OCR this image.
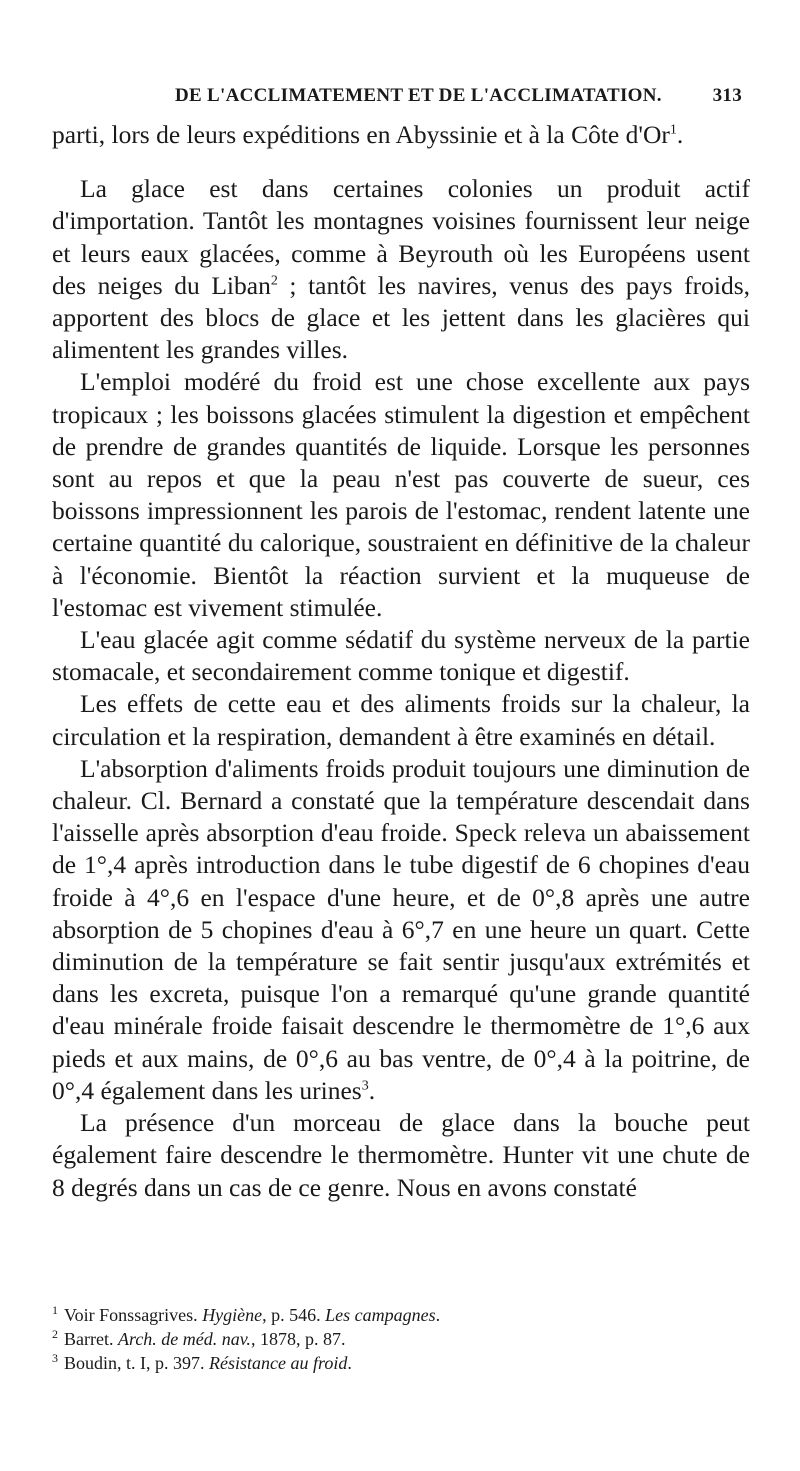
DE L'ACCLIMATEMENT ET DE L'ACCLIMATATION.	313

parti, lors de leurs expéditions en Abyssinie et à la Côte d'Or$^1$.

La glace est dans certaines colonies un produit actif d'importation. Tantôt les montagnes voisines fournissent leur neige et leurs eaux glacées, comme à Beyrouth où les Européens usent des neiges du Liban$^2$ ; tantôt les navires, venus des pays froids, apportent des blocs de glace et les jettent dans les glacières qui alimentent les grandes villes.

L'emploi modéré du froid est une chose excellente aux pays tropicaux ; les boissons glacées stimulent la digestion et empêchent de prendre de grandes quantités de liquide. Lorsque les personnes sont au repos et que la peau n'est pas couverte de sueur, ces boissons impressionnent les parois de l'estomac, rendent latente une certaine quantité du calorique, soustraient en définitive de la chaleur à l'économie. Bientôt la réaction survient et la muqueuse de l'estomac est vivement stimulée.

L'eau glacée agit comme sédatif du système nerveux de la partie stomacale, et secondairement comme tonique et digestif.

Les effets de cette eau et des aliments froids sur la chaleur, la circulation et la respiration, demandent à être examinés en détail.

L'absorption d'aliments froids produit toujours une diminution de chaleur. Cl. Bernard a constaté que la température descendait dans l'aisselle après absorption d'eau froide. Speck releva un abaissement de 1°,4 après introduction dans le tube digestif de 6 chopines d'eau froide à 4°,6 en l'espace d'une heure, et de 0°,8 après une autre absorption de 5 chopines d'eau à 6°,7 en une heure un quart. Cette diminution de la température se fait sentir jusqu'aux extrémités et dans les excreta, puisque l'on a remarqué qu'une grande quantité d'eau minérale froide faisait descendre le thermomètre de 1°,6 aux pieds et aux mains, de 0°,6 au bas ventre, de 0°,4 à la poitrine, de 0°,4 également dans les urines$^3$.

La présence d'un morceau de glace dans la bouche peut également faire descendre le thermomètre. Hunter vit une chute de 8 degrés dans un cas de ce genre. Nous en avons constaté

$^1$ Voir Fonssagrives. Hygiène, p. 546. Les campagnes.

$^2$ Barret. Arch. de méd. nav., 1878, p. 87.

$^3$ Boudin, t. I, p. 397. Résistance au froid.
